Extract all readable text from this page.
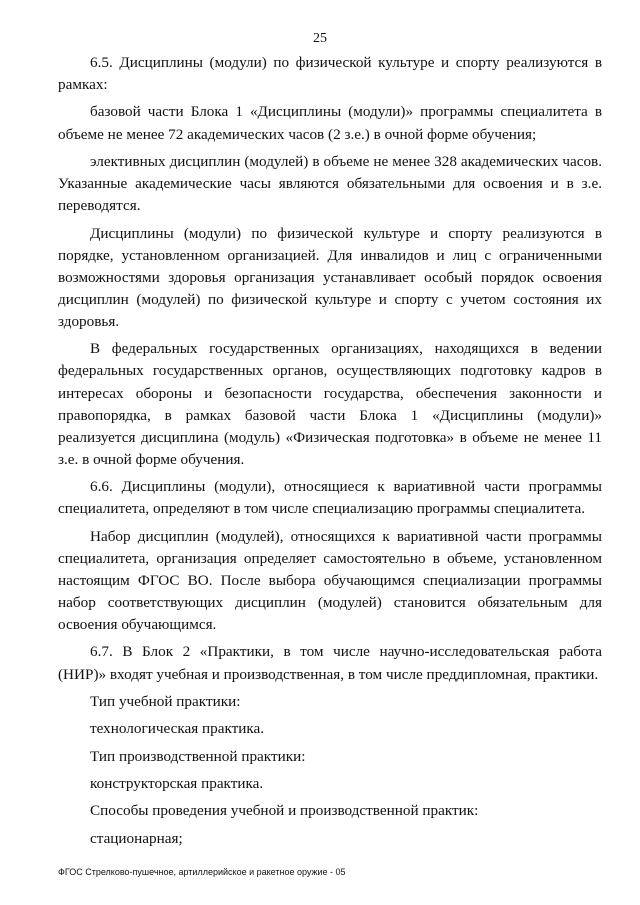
25

6.5. Дисциплины (модули) по физической культуре и спорту реализуются в рамках:

базовой части Блока 1 «Дисциплины (модули)» программы специалитета в объеме не менее 72 академических часов (2 з.е.) в очной форме обучения;

элективных дисциплин (модулей) в объеме не менее 328 академических часов. Указанные академические часы являются обязательными для освоения и в з.е. переводятся.

Дисциплины (модули) по физической культуре и спорту реализуются в порядке, установленном организацией. Для инвалидов и лиц с ограниченными возможностями здоровья организация устанавливает особый порядок освоения дисциплин (модулей) по физической культуре и спорту с учетом состояния их здоровья.

В федеральных государственных организациях, находящихся в ведении федеральных государственных органов, осуществляющих подготовку кадров в интересах обороны и безопасности государства, обеспечения законности и правопорядка, в рамках базовой части Блока 1 «Дисциплины (модули)» реализуется дисциплина (модуль) «Физическая подготовка» в объеме не менее 11 з.е. в очной форме обучения.

6.6. Дисциплины (модули), относящиеся к вариативной части программы специалитета, определяют в том числе специализацию программы специалитета.

Набор дисциплин (модулей), относящихся к вариативной части программы специалитета, организация определяет самостоятельно в объеме, установленном настоящим ФГОС ВО. После выбора обучающимся специализации программы набор соответствующих дисциплин (модулей) становится обязательным для освоения обучающимся.

6.7. В Блок 2 «Практики, в том числе научно-исследовательская работа (НИР)» входят учебная и производственная, в том числе преддипломная, практики.

Тип учебной практики:

технологическая практика.

Тип производственной практики:

конструкторская практика.

Способы проведения учебной и производственной практик:

стационарная;

ФГОС Стрелково-пушечное, артиллерийское и ракетное оружие - 05
